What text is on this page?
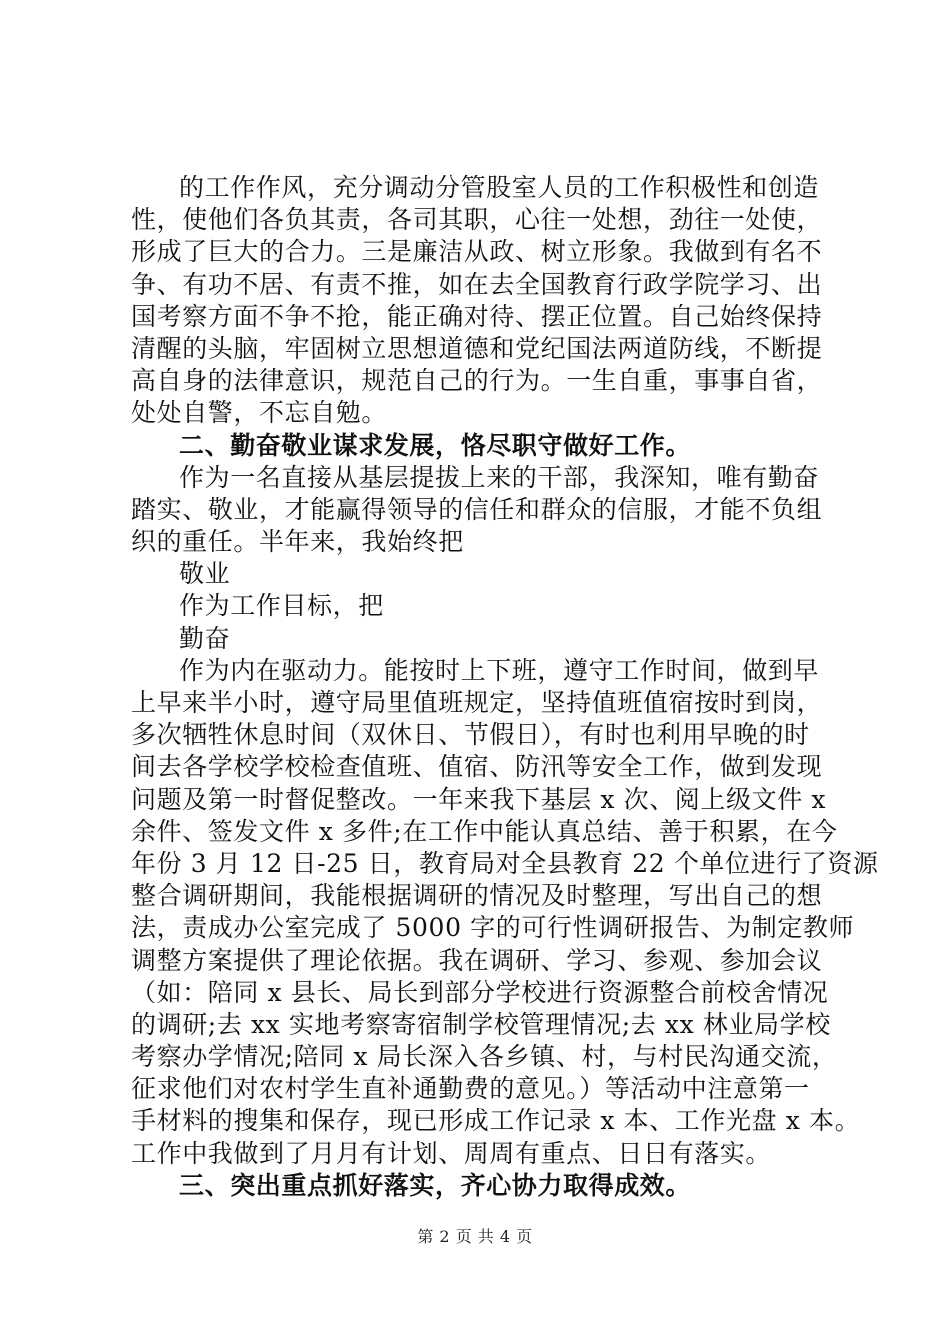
的工作作风，充分调动分管股室人员的工作积极性和创造
性，使他们各负其责，各司其职，心往一处想，劲往一处使，
形成了巨大的合力。三是廉洁从政、树立形象。我做到有名不
争、有功不居、有责不推，如在去全国教育行政学院学习、出
国考察方面不争不抢，能正确对待、摆正位置。自己始终保持
清醒的头脑，牢固树立思想道德和党纪国法两道防线，不断提
高自身的法律意识，规范自己的行为。一生自重，事事自省，
处处自警，不忘自勉。
二、勤奋敬业谋求发展，恪尽职守做好工作。
作为一名直接从基层提拔上来的干部，我深知，唯有勤奋
踏实、敬业，才能赢得领导的信任和群众的信服，才能不负组
织的重任。半年来，我始终把
敬业
作为工作目标，把
勤奋
作为内在驱动力。能按时上下班，遵守工作时间，做到早
上早来半小时，遵守局里值班规定，坚持值班值宿按时到岗，
多次牺牲休息时间（双休日、节假日），有时也利用早晚的时
间去各学校学校检查值班、值宿、防汛等安全工作，做到发现
问题及第一时督促整改。一年来我下基层 x 次、阅上级文件 x
余件、签发文件 x 多件;在工作中能认真总结、善于积累，在今
年份 3 月 12 日-25 日，教育局对全县教育 22 个单位进行了资源
整合调研期间，我能根据调研的情况及时整理，写出自己的想
法，责成办公室完成了 5000 字的可行性调研报告、为制定教师
调整方案提供了理论依据。我在调研、学习、参观、参加会议
（如：陪同 x 县长、局长到部分学校进行资源整合前校舍情况
的调研;去 xx 实地考察寄宿制学校管理情况;去 xx 林业局学校
考察办学情况;陪同 x 局长深入各乡镇、村，与村民沟通交流，
征求他们对农村学生直补通勤费的意见。）等活动中注意第一
手材料的搜集和保存，现已形成工作记录 x 本、工作光盘 x 本。
工作中我做到了月月有计划、周周有重点、日日有落实。
三、突出重点抓好落实，齐心协力取得成效。
第 2 页 共 4 页
